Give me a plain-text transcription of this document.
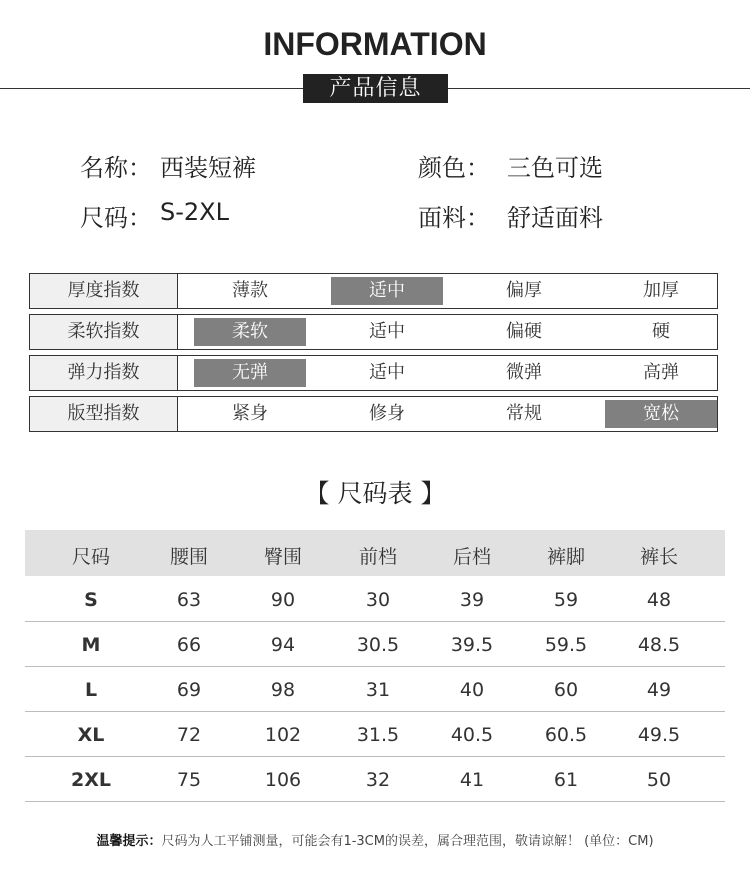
INFORMATION
产品信息
名称： 西装短裤	颜色： 三色可选
尺码： S-2XL	面料： 舒适面料
厚度指数	薄款	适中	偏厚	加厚
柔软指数	柔软	适中	偏硬	硬
弹力指数	无弹	适中	微弹	高弹
版型指数	紧身	修身	常规	宽松
【 尺码表 】
尺码	腰围	臀围	前档	后档	裤脚	裤长
S	63	90	30	39	59	48
M	66	94	30.5	39.5	59.5	48.5
L	69	98	31	40	60	49
XL	72	102	31.5	40.5	60.5	49.5
2XL	75	106	32	41	61	50
温馨提示：尺码为人工平铺测量，可能会有1-3CM的误差，属合理范围，敬请谅解！ (单位：CM)
